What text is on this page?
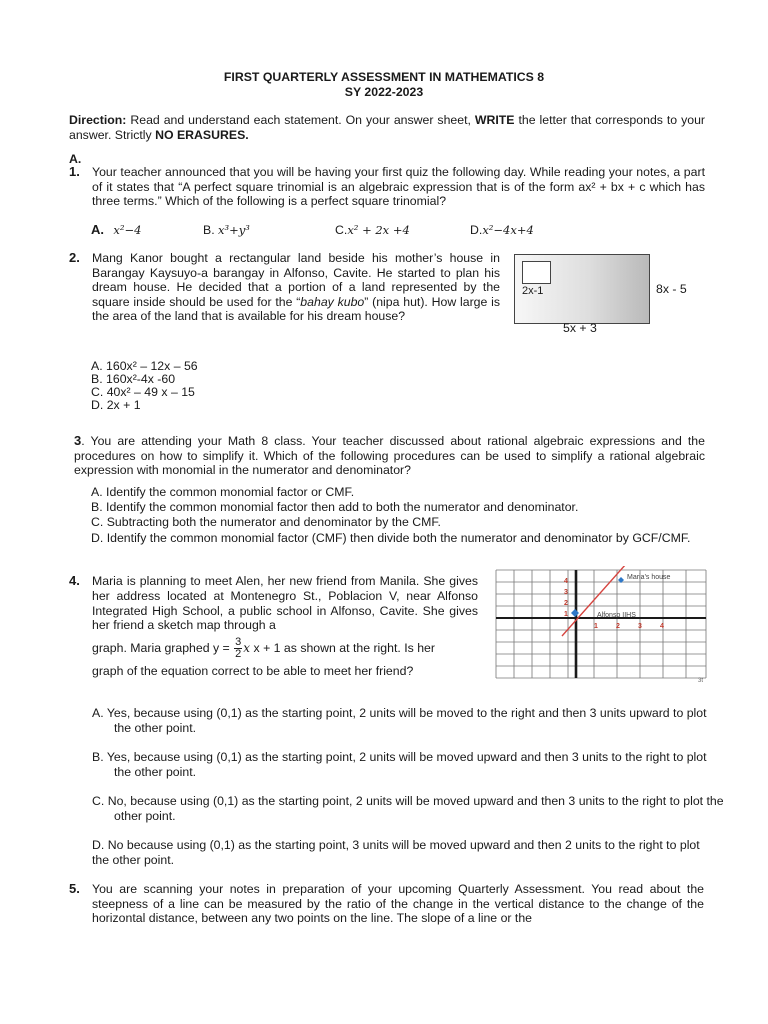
FIRST QUARTERLY ASSESSMENT IN MATHEMATICS 8
SY 2022-2023
Direction: Read and understand each statement. On your answer sheet, WRITE the letter that corresponds to your answer. Strictly NO ERASURES.
A.
1. Your teacher announced that you will be having your first quiz the following day. While reading your notes, a part of it states that “A perfect square trinomial is an algebraic expression that is of the form ax² + bx + c which has three terms.” Which of the following is a perfect square trinomial?
A. x²−4	B. x³+y³	C.x² + 2x +4	D.x²−4x+4
2. Mang Kanor bought a rectangular land beside his mother’s house in Barangay Kaysuyo-a barangay in Alfonso, Cavite. He started to plan his dream house. He decided that a portion of a land represented by the square inside should be used for the “bahay kubo” (nipa hut). How large is the area of the land that is available for his dream house?
2x-1	8x - 5
5x + 3
A. 160x² – 12x – 56
B. 160x²-4x -60
C. 40x² – 49 x – 15
D. 2x + 1
3. You are attending your Math 8 class. Your teacher discussed about rational algebraic expressions and the procedures on how to simplify it. Which of the following procedures can be used to simplify a rational algebraic expression with monomial in the numerator and denominator?
A. Identify the common monomial factor or CMF.
B. Identify the common monomial factor then add to both the numerator and denominator.
C. Subtracting both the numerator and denominator by the CMF.
D. Identify the common monomial factor (CMF) then divide both the numerator and denominator by GCF/CMF.
4. Maria is planning to meet Alen, her new friend from Manila. She gives her address located at Montenegro St., Poblacion V, near Alfonso Integrated High School, a public school in Alfonso, Cavite. She gives her friend a sketch map through a
graph. Maria graphed $y = \frac{3}{2}$ x x + 1 as shown at the right. Is her
graph of the equation correct to be able to meet her friend?
4
3
2
1
1	2	3	4
Maria’s house
Alfonso IIHS
3t
A. Yes, because using (0,1) as the starting point, 2 units will be moved to the right and then 3 units upward to plot the other point.
B. Yes, because using (0,1) as the starting point, 2 units will be moved upward and then 3 units to the right to plot the other point.
C. No, because using (0,1) as the starting point, 2 units will be moved upward and then 3 units to the right to plot the other point.
D. No because using (0,1) as the starting point, 3 units will be moved upward and then 2 units to the right to plot the other point.
5. You are scanning your notes in preparation of your upcoming Quarterly Assessment. You read about the steepness of a line can be measured by the ratio of the change in the vertical distance to the change of the horizontal distance, between any two points on the line. The slope of a line or the
